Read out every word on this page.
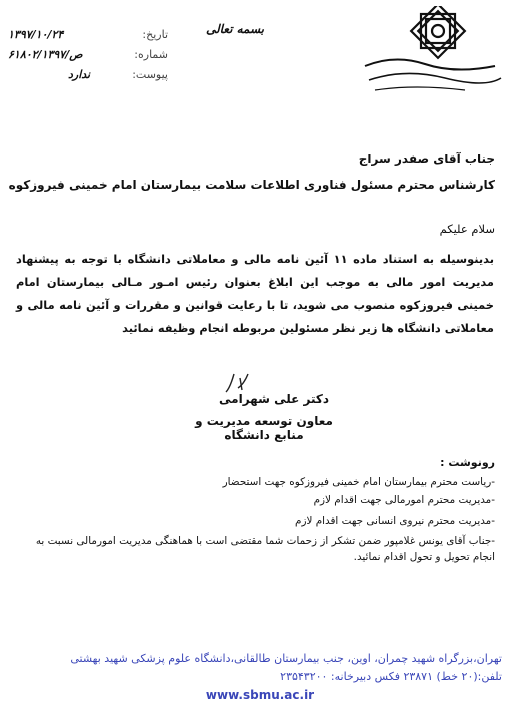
بسمه تعالی
تاریخ:
۱۳۹۷/۱۰/۲۴
شماره:
۶۱۸۰۲/ص/۱۳۹۷
پیوست:
ندارد
جناب آقای صفدر سراج
کارشناس محترم مسئول فناوری اطلاعات سلامت بیمارستان امام خمینی فیروزکوه
سلام علیکم
بدینوسیله به استناد ماده ۱۱ آئین نامه مالی و معاملاتی دانشگاه با توجه به پیشنهاد مدیریت امور مالی به موجب این ابلاغ بعنوان رئیس امـور مـالی بیمارستان امام خمینی فیروزکوه منصوب می شوید، تا با رعایت قوانین و مقررات و آئین نامه مالی و معاملاتی دانشگاه ها زیر نظر مسئولین مربوطه انجام وظیفه نمائید
دکتر علی شهرامی
معاون توسعه مدیریت و منابع دانشگاه
رونوشت :
-ریاست محترم بیمارستان امام خمینی فیروزکوه جهت استحضار
-مدیریت محترم امورمالی جهت اقدام لازم
-مدیریت محترم نیروی انسانی جهت اقدام لازم
-جناب آقای یونس غلامپور ضمن تشکر از زحمات شما مقتضی است با هماهنگی مدیریت امورمالی نسبت به انجام تحویل و تحول اقدام نمائید.
تهران،بزرگراه شهید چمران، اوین، جنب بیمارستان طالقانی،دانشگاه علوم پزشکی شهید بهشتی
تلفن:(۲۰ خط) ۲۳۸۷۱ فکس دبیرخانه: ۲۳۵۴۳۲۰۰
www.sbmu.ac.ir
